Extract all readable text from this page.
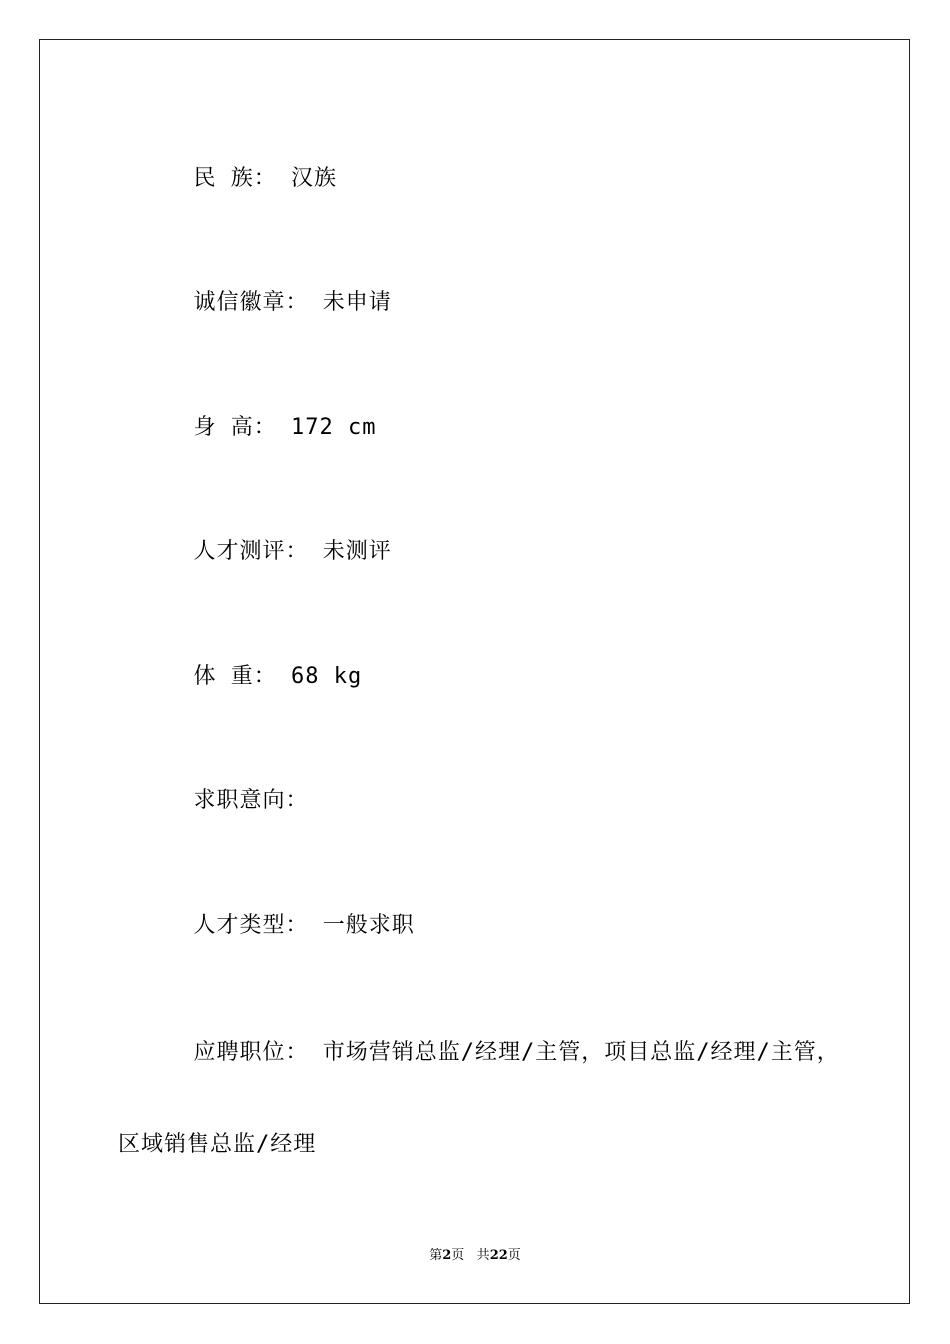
民 族： 汉族

诚信徽章： 未申请

身 高： 172 cm

人才测评： 未测评

体 重： 68 kg

求职意向：

人才类型： 一般求职

应聘职位： 市场营销总监/经理/主管，项目总监/经理/主管，

区域销售总监/经理
第2页 共22页
